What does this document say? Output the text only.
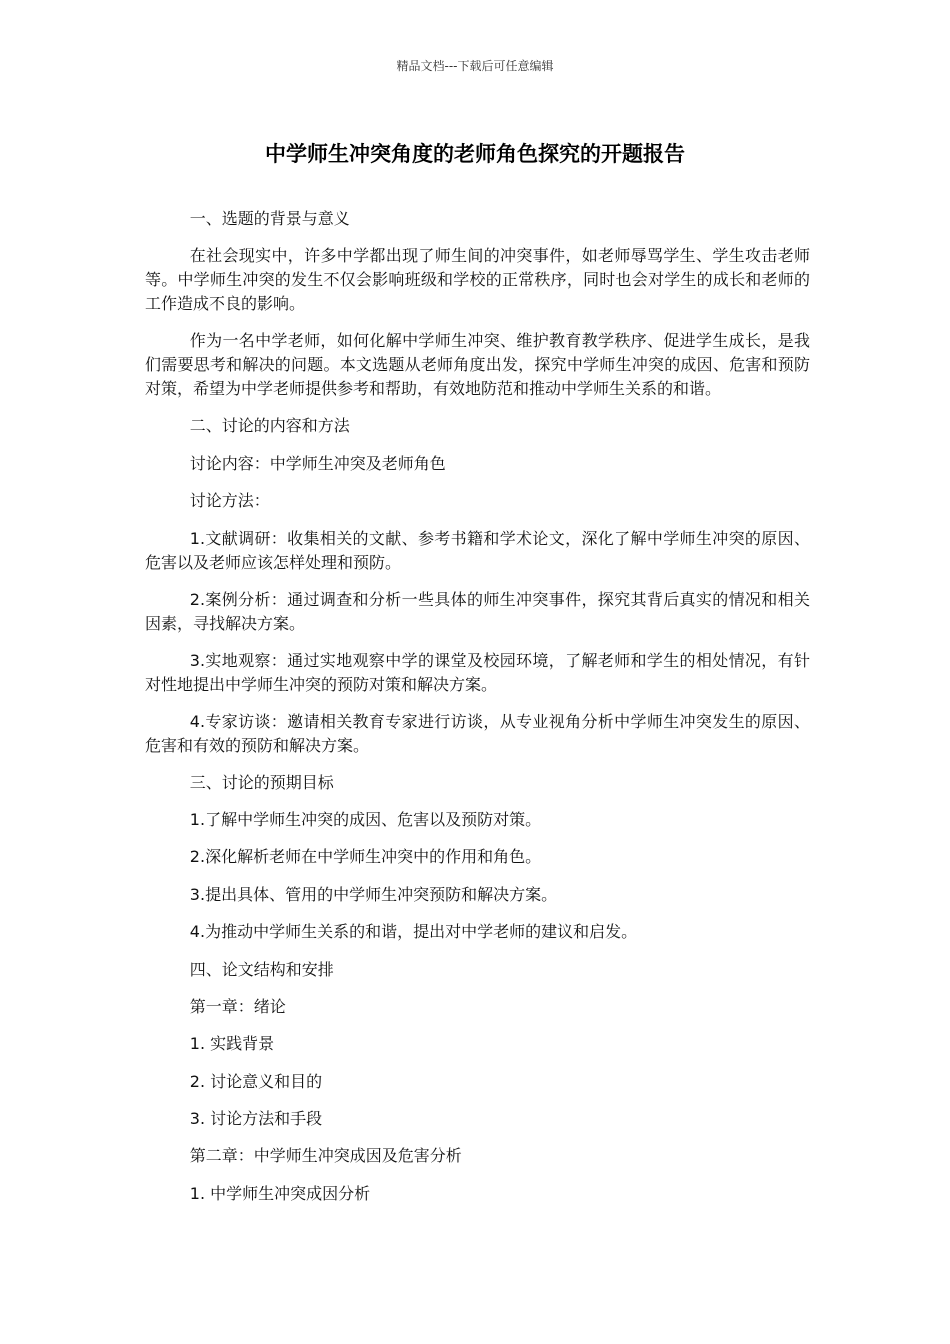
精品文档---下载后可任意编辑
中学师生冲突角度的老师角色探究的开题报告

一、选题的背景与意义

在社会现实中，许多中学都出现了师生间的冲突事件，如老师辱骂学生、学生攻击老师等。中学师生冲突的发生不仅会影响班级和学校的正常秩序，同时也会对学生的成长和老师的工作造成不良的影响。

作为一名中学老师，如何化解中学师生冲突、维护教育教学秩序、促进学生成长，是我们需要思考和解决的问题。本文选题从老师角度出发，探究中学师生冲突的成因、危害和预防对策，希望为中学老师提供参考和帮助，有效地防范和推动中学师生关系的和谐。

二、讨论的内容和方法

讨论内容：中学师生冲突及老师角色

讨论方法：

1.文献调研：收集相关的文献、参考书籍和学术论文，深化了解中学师生冲突的原因、危害以及老师应该怎样处理和预防。

2.案例分析：通过调查和分析一些具体的师生冲突事件，探究其背后真实的情况和相关因素，寻找解决方案。

3.实地观察：通过实地观察中学的课堂及校园环境，了解老师和学生的相处情况，有针对性地提出中学师生冲突的预防对策和解决方案。

4.专家访谈：邀请相关教育专家进行访谈，从专业视角分析中学师生冲突发生的原因、危害和有效的预防和解决方案。

三、讨论的预期目标

1.了解中学师生冲突的成因、危害以及预防对策。

2.深化解析老师在中学师生冲突中的作用和角色。

3.提出具体、管用的中学师生冲突预防和解决方案。

4.为推动中学师生关系的和谐，提出对中学老师的建议和启发。

四、论文结构和安排

第一章：绪论

1. 实践背景

2. 讨论意义和目的

3. 讨论方法和手段

第二章：中学师生冲突成因及危害分析

1. 中学师生冲突成因分析
